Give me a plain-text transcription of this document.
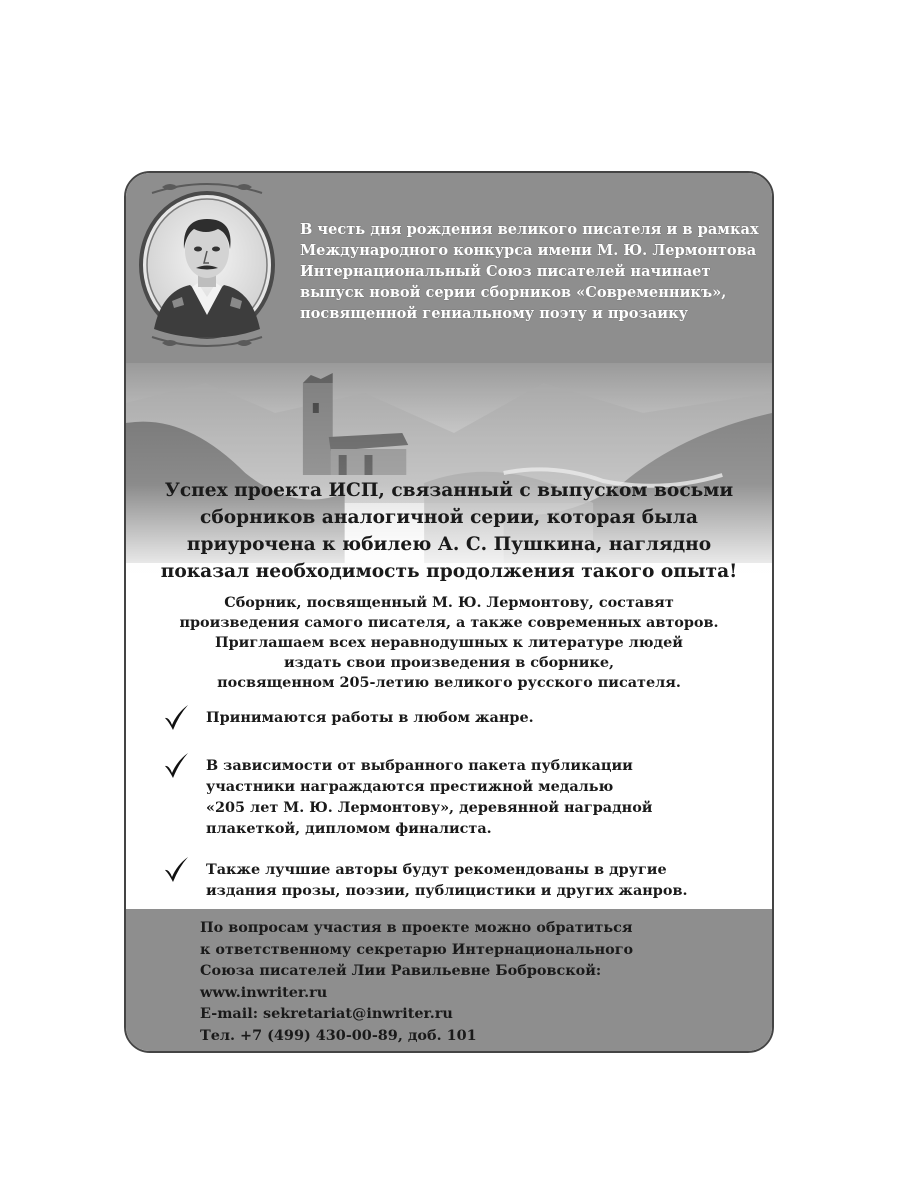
В честь дня рождения великого писателя и в рамках
Международного конкурса имени М. Ю. Лермонтова
Интернациональный Союз писателей начинает
выпуск новой серии сборников «Современникъ»,
посвященной гениальному поэту и прозаику
Успех проекта ИСП, связанный с выпуском восьми
сборников аналогичной серии, которая была
приурочена к юбилею А. С. Пушкина, наглядно
показал необходимость продолжения такого опыта!
Сборник, посвященный М. Ю. Лермонтову, составят
произведения самого писателя, а также современных авторов.
Приглашаем всех неравнодушных к литературе людей
издать свои произведения в сборнике,
посвященном 205-летию великого русского писателя.
Принимаются работы в любом жанре.
В зависимости от выбранного пакета публикации
участники награждаются престижной медалью
«205 лет М. Ю. Лермонтову», деревянной наградной
плакеткой, дипломом финалиста.
Также лучшие авторы будут рекомендованы в другие
издания прозы, поэзии, публицистики и других жанров.
По вопросам участия в проекте можно обратиться
к ответственному секретарю Интернационального
Союза писателей Лии Равильевне Бобровской:
www.inwriter.ru
E-mail: sekretariat@inwriter.ru
Тел. +7 (499) 430-00-89, доб. 101
